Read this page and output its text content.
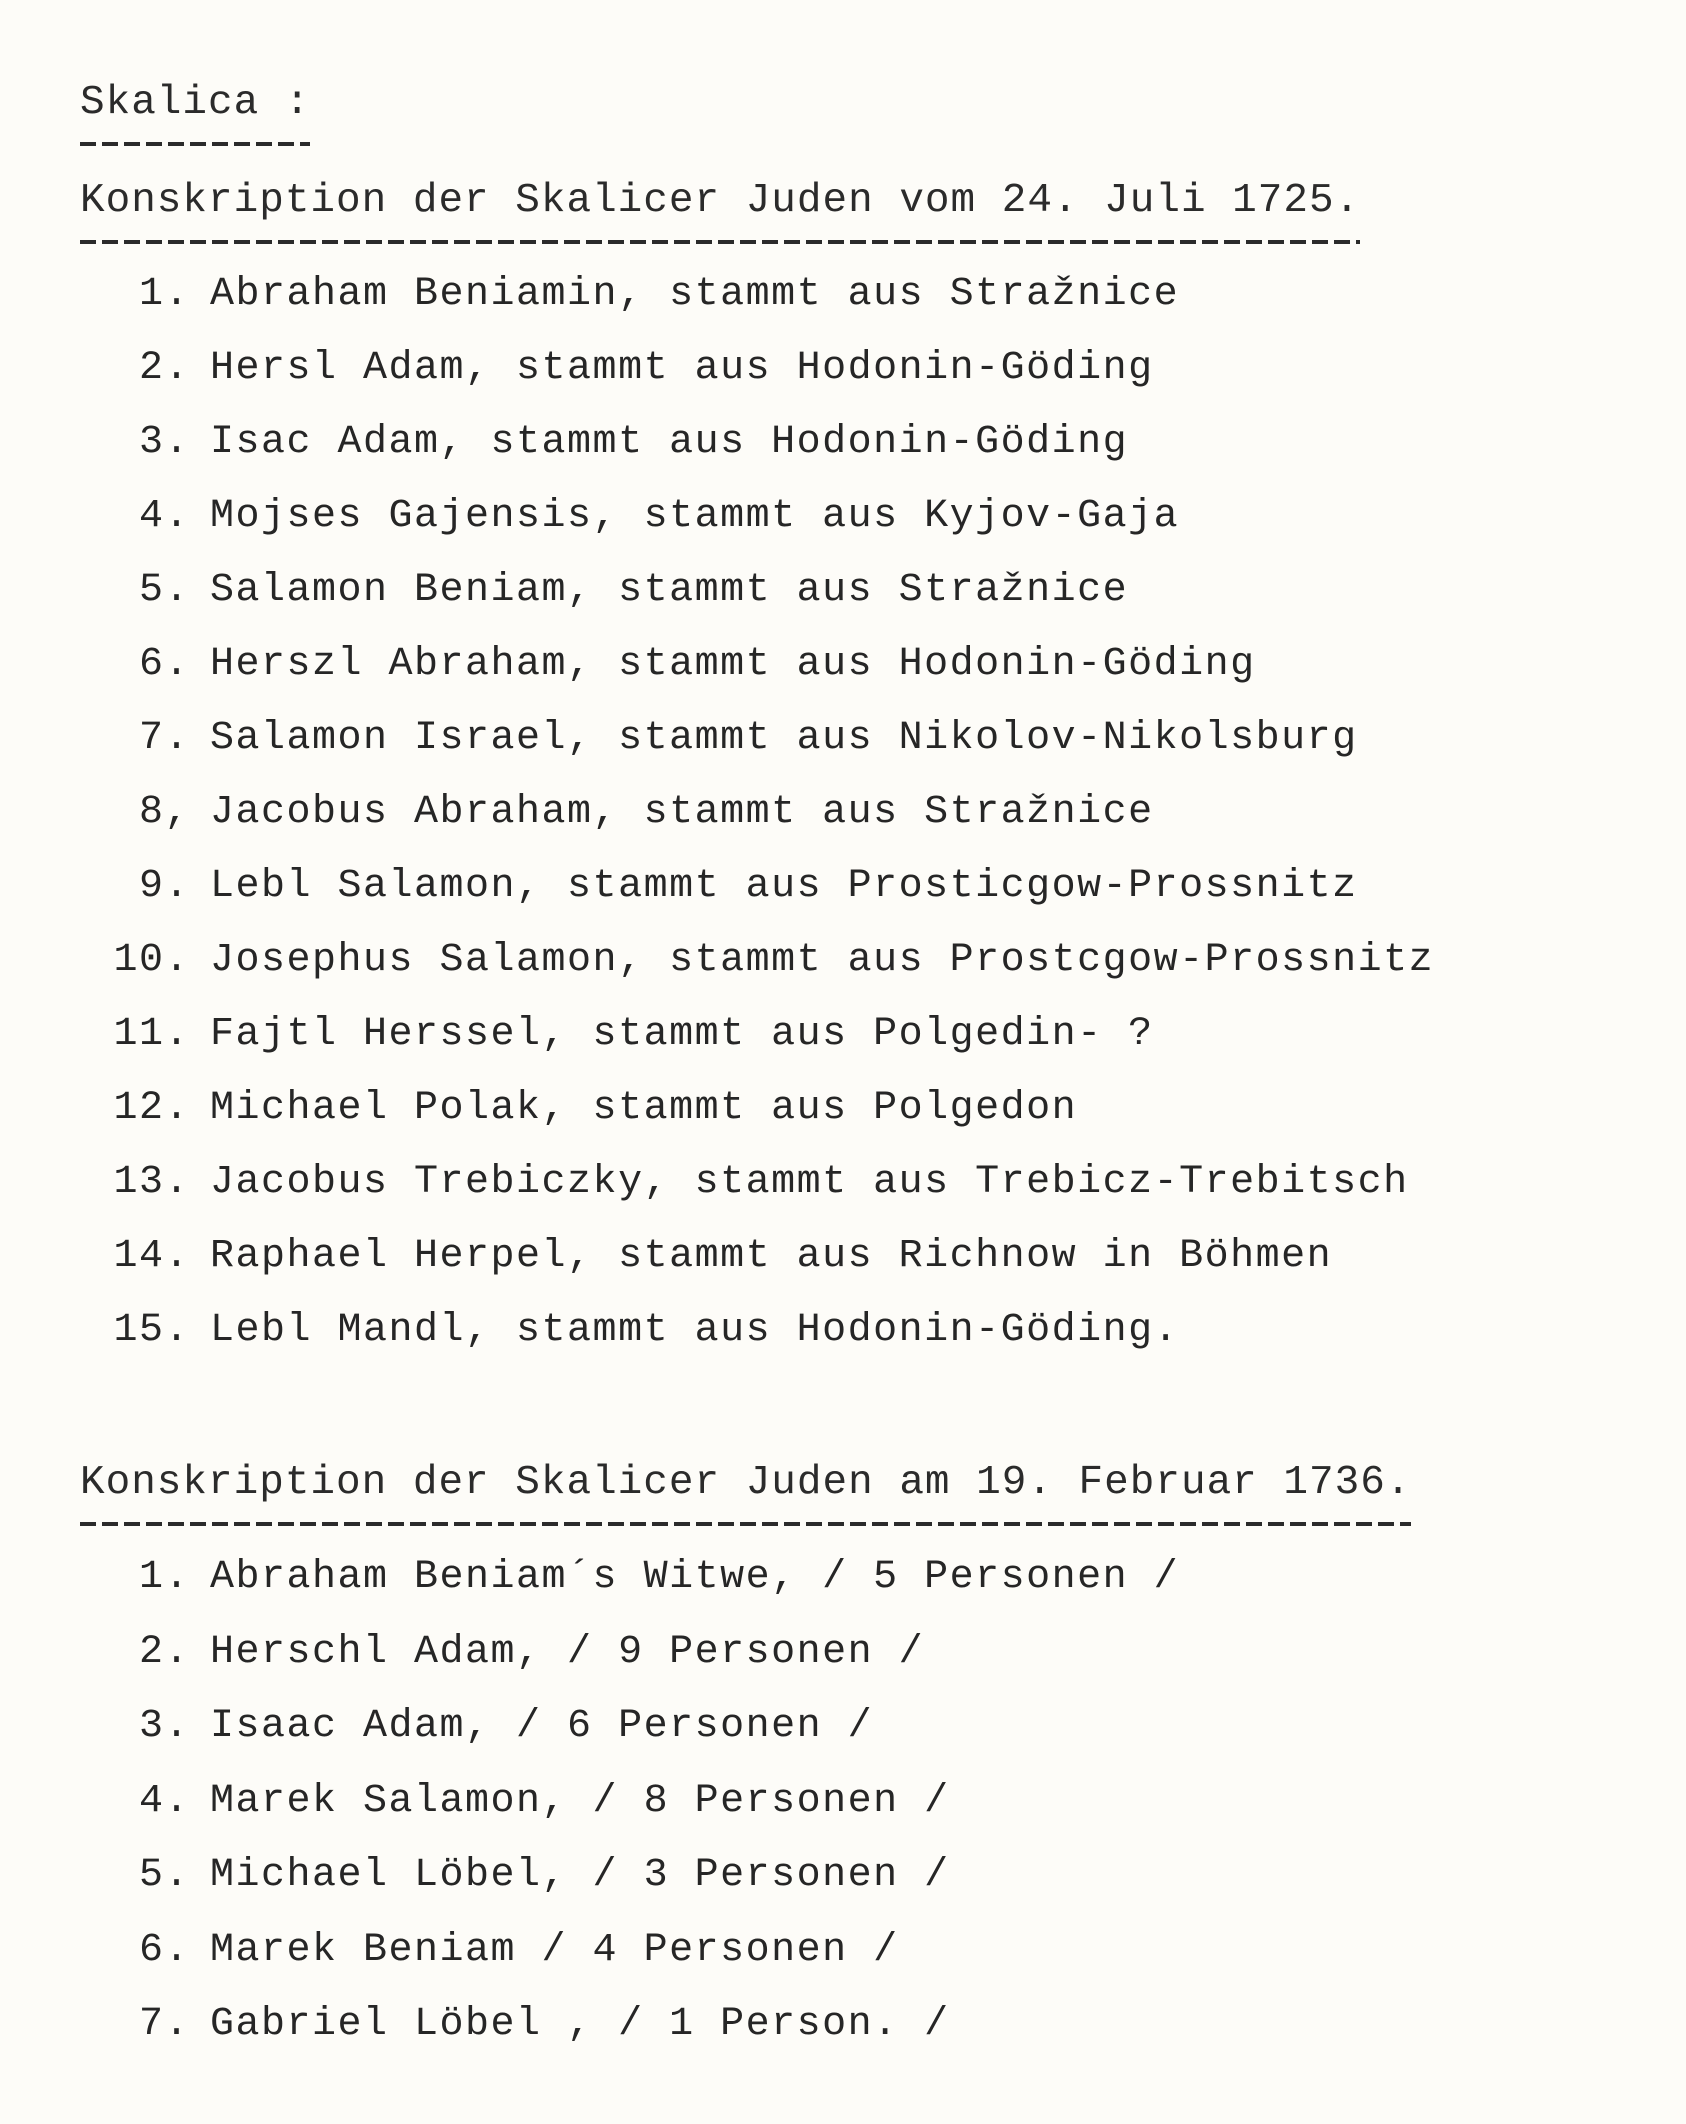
Skalica :
Konskription der Skalicer Juden vom 24. Juli 1725.
1. Abraham Beniamin, stammt aus Stražnice
2. Hersl Adam, stammt aus Hodonin-Göding
3. Isac Adam, stammt aus Hodonin-Göding
4. Mojses Gajensis, stammt aus Kyjov-Gaja
5. Salamon Beniam, stammt aus Stražnice
6. Herszl Abraham, stammt aus Hodonin-Göding
7. Salamon Israel, stammt aus Nikolov-Nikolsburg
8, Jacobus Abraham, stammt aus Stražnice
9. Lebl Salamon, stammt aus Prosticgow-Prossnitz
10. Josephus Salamon, stammt aus Prostcgow-Prossnitz
11. Fajtl Herssel, stammt aus Polgedin- ?
12. Michael Polak, stammt aus Polgedon
13. Jacobus Trebiczky, stammt aus Trebicz-Trebitsch
14. Raphael Herpel, stammt aus Richnow in Böhmen
15. Lebl Mandl, stammt aus Hodonin-Göding.
Konskription der Skalicer Juden am 19. Februar 1736.
1. Abraham Beniam´s Witwe, / 5 Personen /
2. Herschl Adam, / 9 Personen /
3. Isaac Adam, / 6 Personen /
4. Marek Salamon, / 8 Personen /
5. Michael Löbel, / 3 Personen /
6. Marek Beniam / 4 Personen /
7. Gabriel Löbel , / 1 Person. /
